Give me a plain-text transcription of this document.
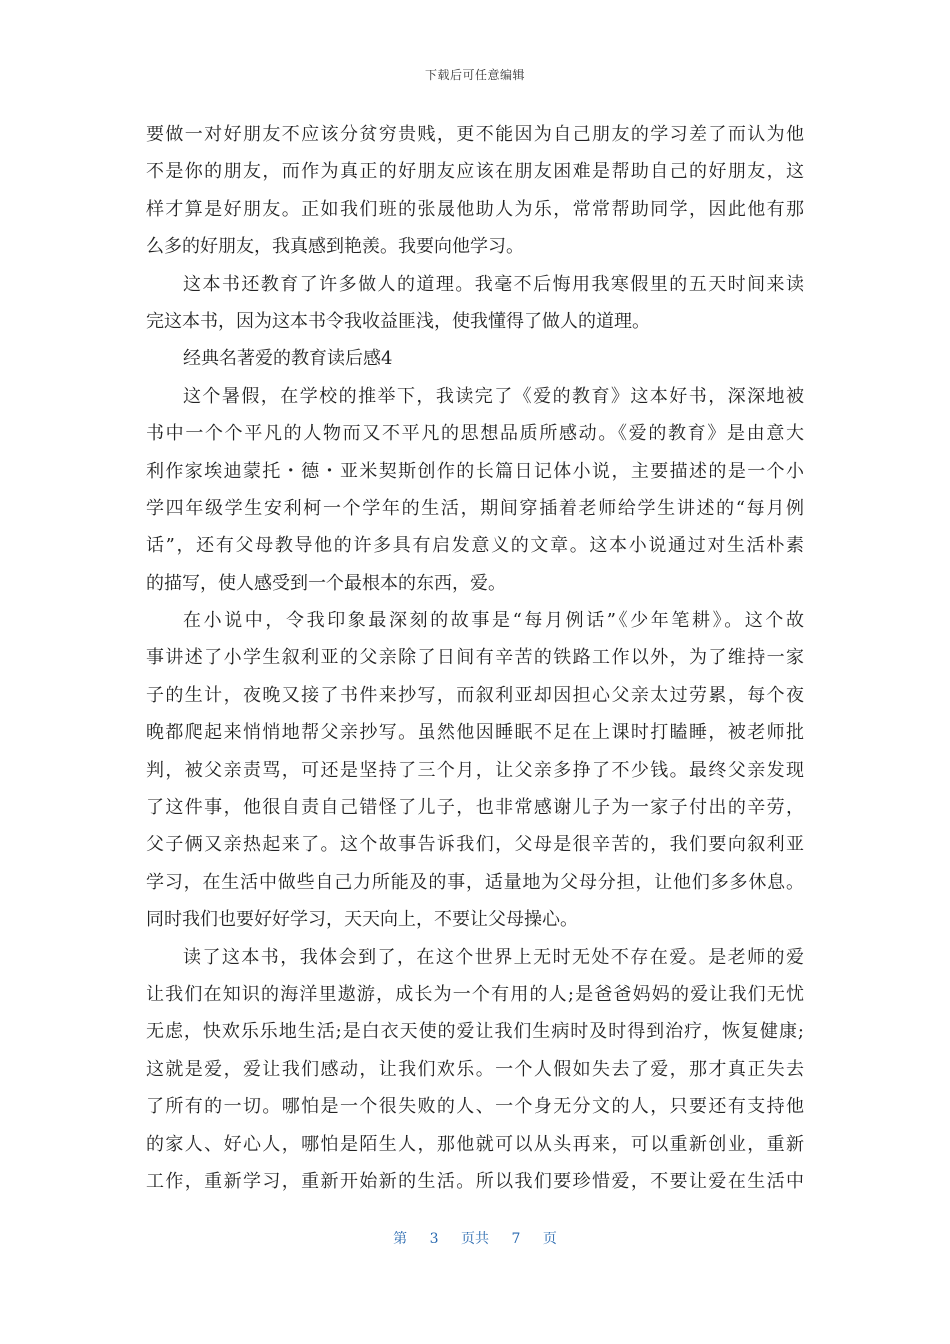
下载后可任意编辑
要做一对好朋友不应该分贫穷贵贱，更不能因为自己朋友的学习差了而认为他
不是你的朋友，而作为真正的好朋友应该在朋友困难是帮助自己的好朋友，这
样才算是好朋友。正如我们班的张晟他助人为乐，常常帮助同学，因此他有那
么多的好朋友，我真感到艳羡。我要向他学习。
这本书还教育了许多做人的道理。我毫不后悔用我寒假里的五天时间来读
完这本书，因为这本书令我收益匪浅，使我懂得了做人的道理。
经典名著爱的教育读后感4
这个暑假，在学校的推举下，我读完了《爱的教育》这本好书，深深地被
书中一个个平凡的人物而又不平凡的思想品质所感动。《爱的教育》是由意大
利作家埃迪蒙托・德・亚米契斯创作的长篇日记体小说，主要描述的是一个小
学四年级学生安利柯一个学年的生活，期间穿插着老师给学生讲述的“每月例
话”，还有父母教导他的许多具有启发意义的文章。这本小说通过对生活朴素
的描写，使人感受到一个最根本的东西，爱。
在小说中，令我印象最深刻的故事是“每月例话”《少年笔耕》。这个故
事讲述了小学生叙利亚的父亲除了日间有辛苦的铁路工作以外，为了维持一家
子的生计，夜晚又接了书件来抄写，而叙利亚却因担心父亲太过劳累，每个夜
晚都爬起来悄悄地帮父亲抄写。虽然他因睡眠不足在上课时打瞌睡，被老师批
判，被父亲责骂，可还是坚持了三个月，让父亲多挣了不少钱。最终父亲发现
了这件事，他很自责自己错怪了儿子，也非常感谢儿子为一家子付出的辛劳，
父子俩又亲热起来了。这个故事告诉我们，父母是很辛苦的，我们要向叙利亚
学习，在生活中做些自己力所能及的事，适量地为父母分担，让他们多多休息。
同时我们也要好好学习，天天向上，不要让父母操心。
读了这本书，我体会到了，在这个世界上无时无处不存在爱。是老师的爱
让我们在知识的海洋里遨游，成长为一个有用的人;是爸爸妈妈的爱让我们无忧
无虑，快欢乐乐地生活;是白衣天使的爱让我们生病时及时得到治疗，恢复健康;
这就是爱，爱让我们感动，让我们欢乐。一个人假如失去了爱，那才真正失去
了所有的一切。哪怕是一个很失败的人、一个身无分文的人，只要还有支持他
的家人、好心人，哪怕是陌生人，那他就可以从头再来，可以重新创业，重新
工作，重新学习，重新开始新的生活。所以我们要珍惜爱，不要让爱在生活中
第 3 页共 7 页
